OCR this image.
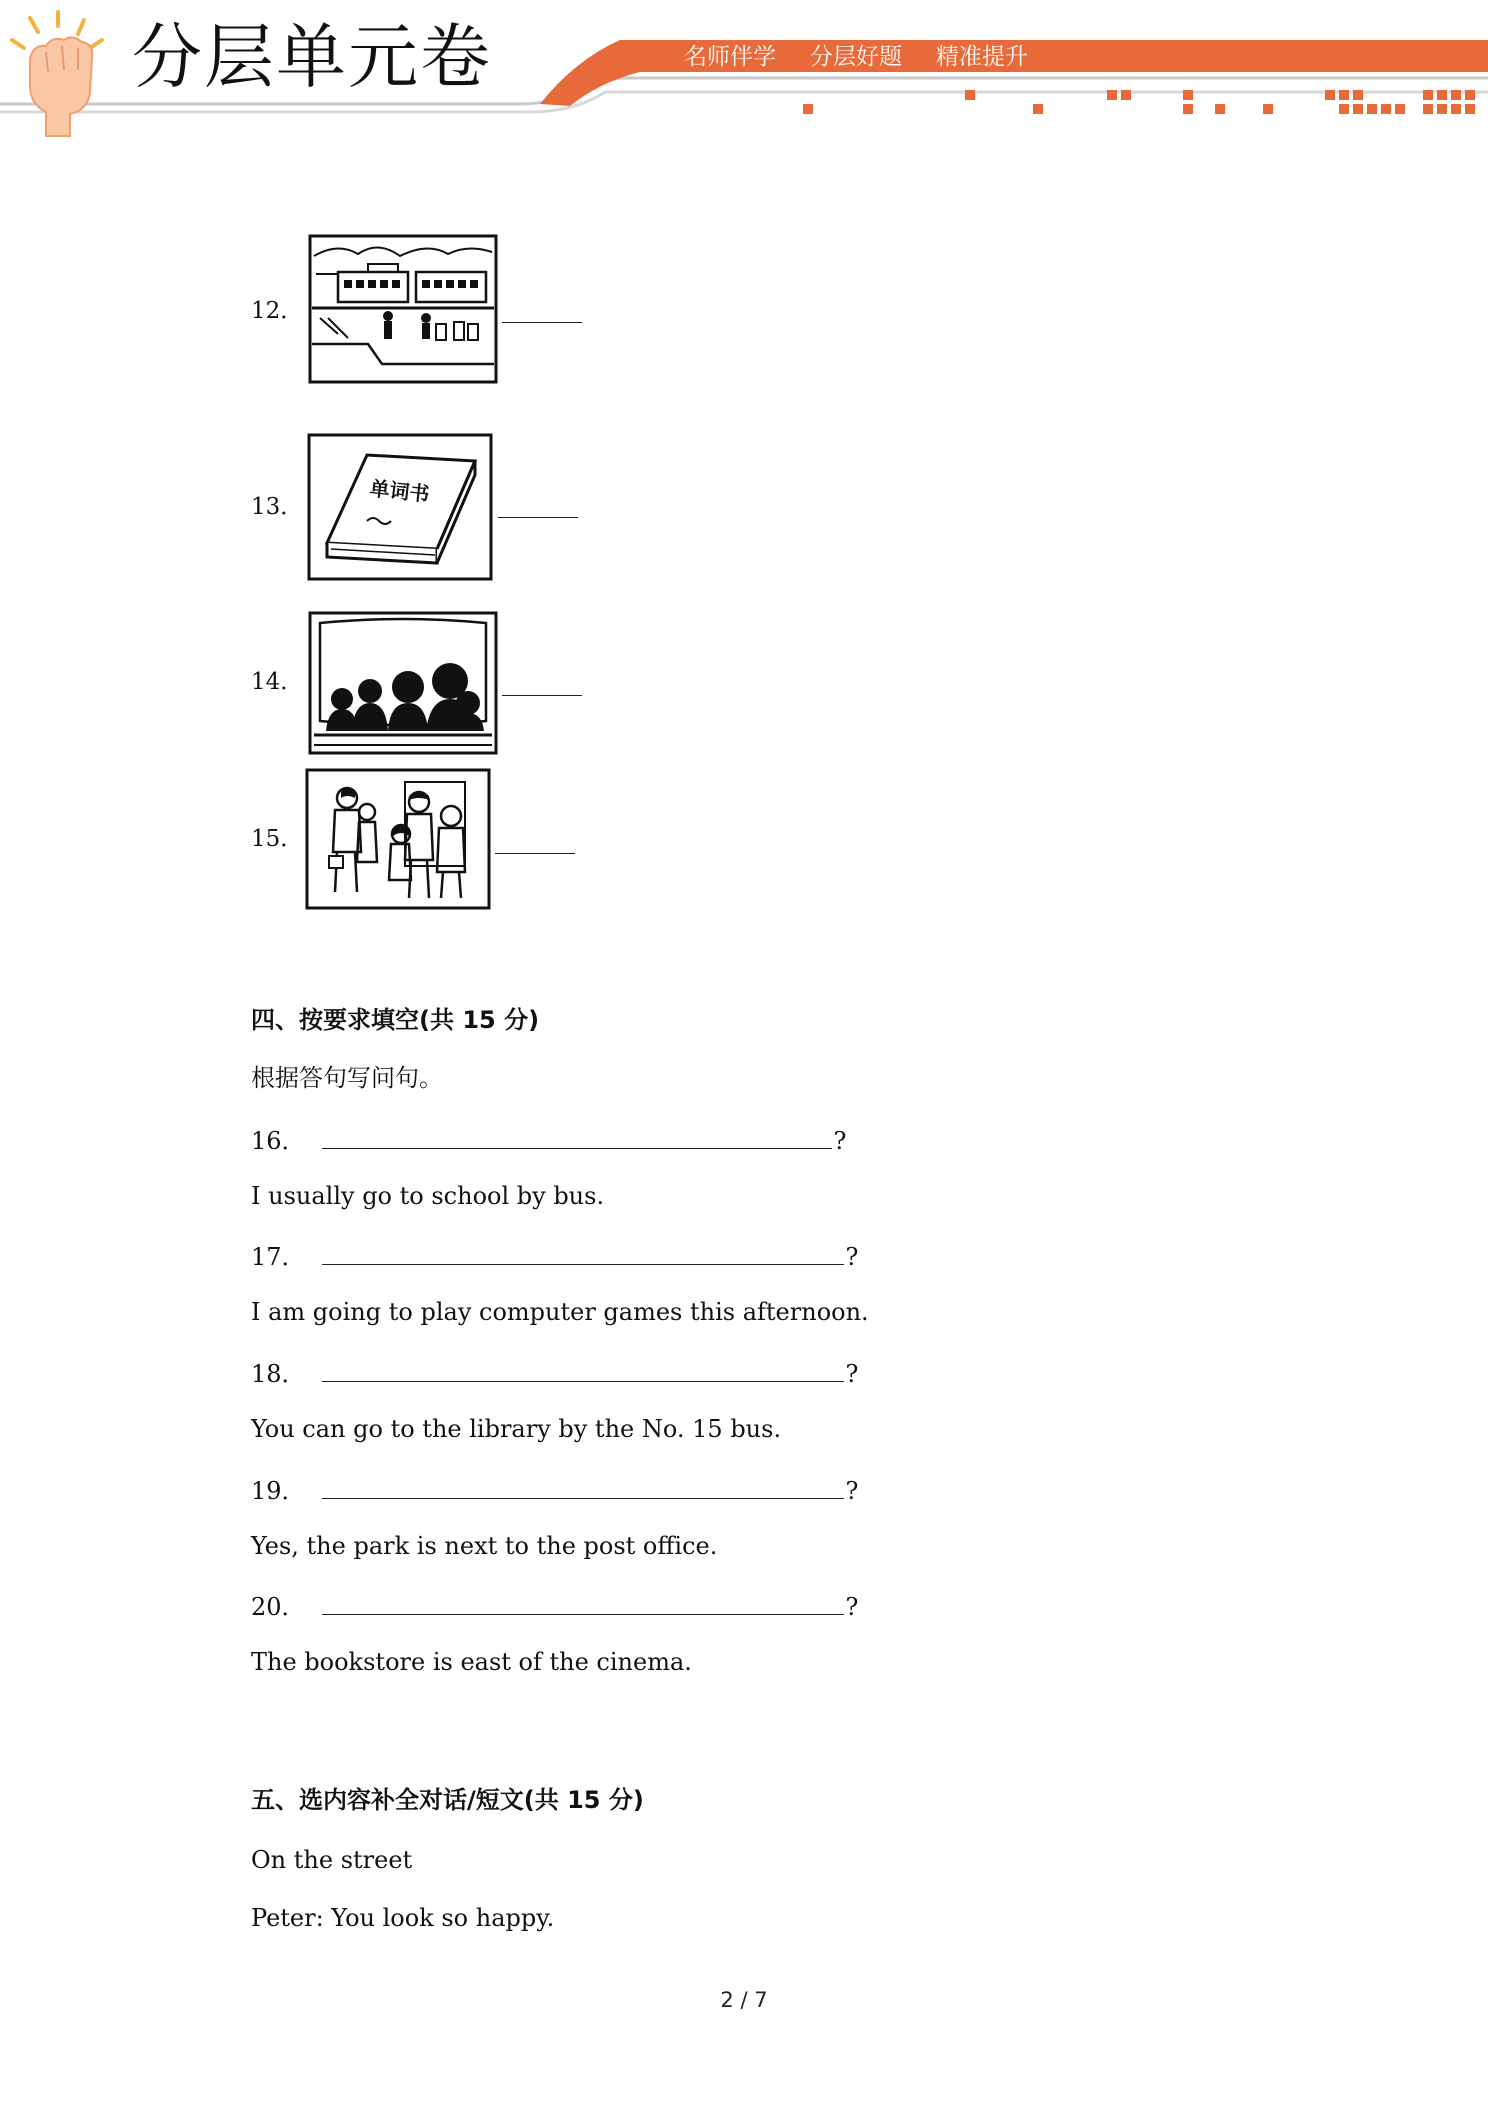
分层单元卷	名师伴学 分层好题 精准提升
12．
13．
单词书
14．
15．
四、按要求填空(共 15 分)

根据答句写问句。

16．	?

I usually go to school by bus.

17．	?

I am going to play computer games this afternoon.

18．	?

You can go to the library by the No. 15 bus.

19．	?

Yes, the park is next to the post office.

20．	?

The bookstore is east of the cinema.

五、选内容补全对话/短文(共 15 分)

On the street

Peter: You look so happy.

2 / 7
